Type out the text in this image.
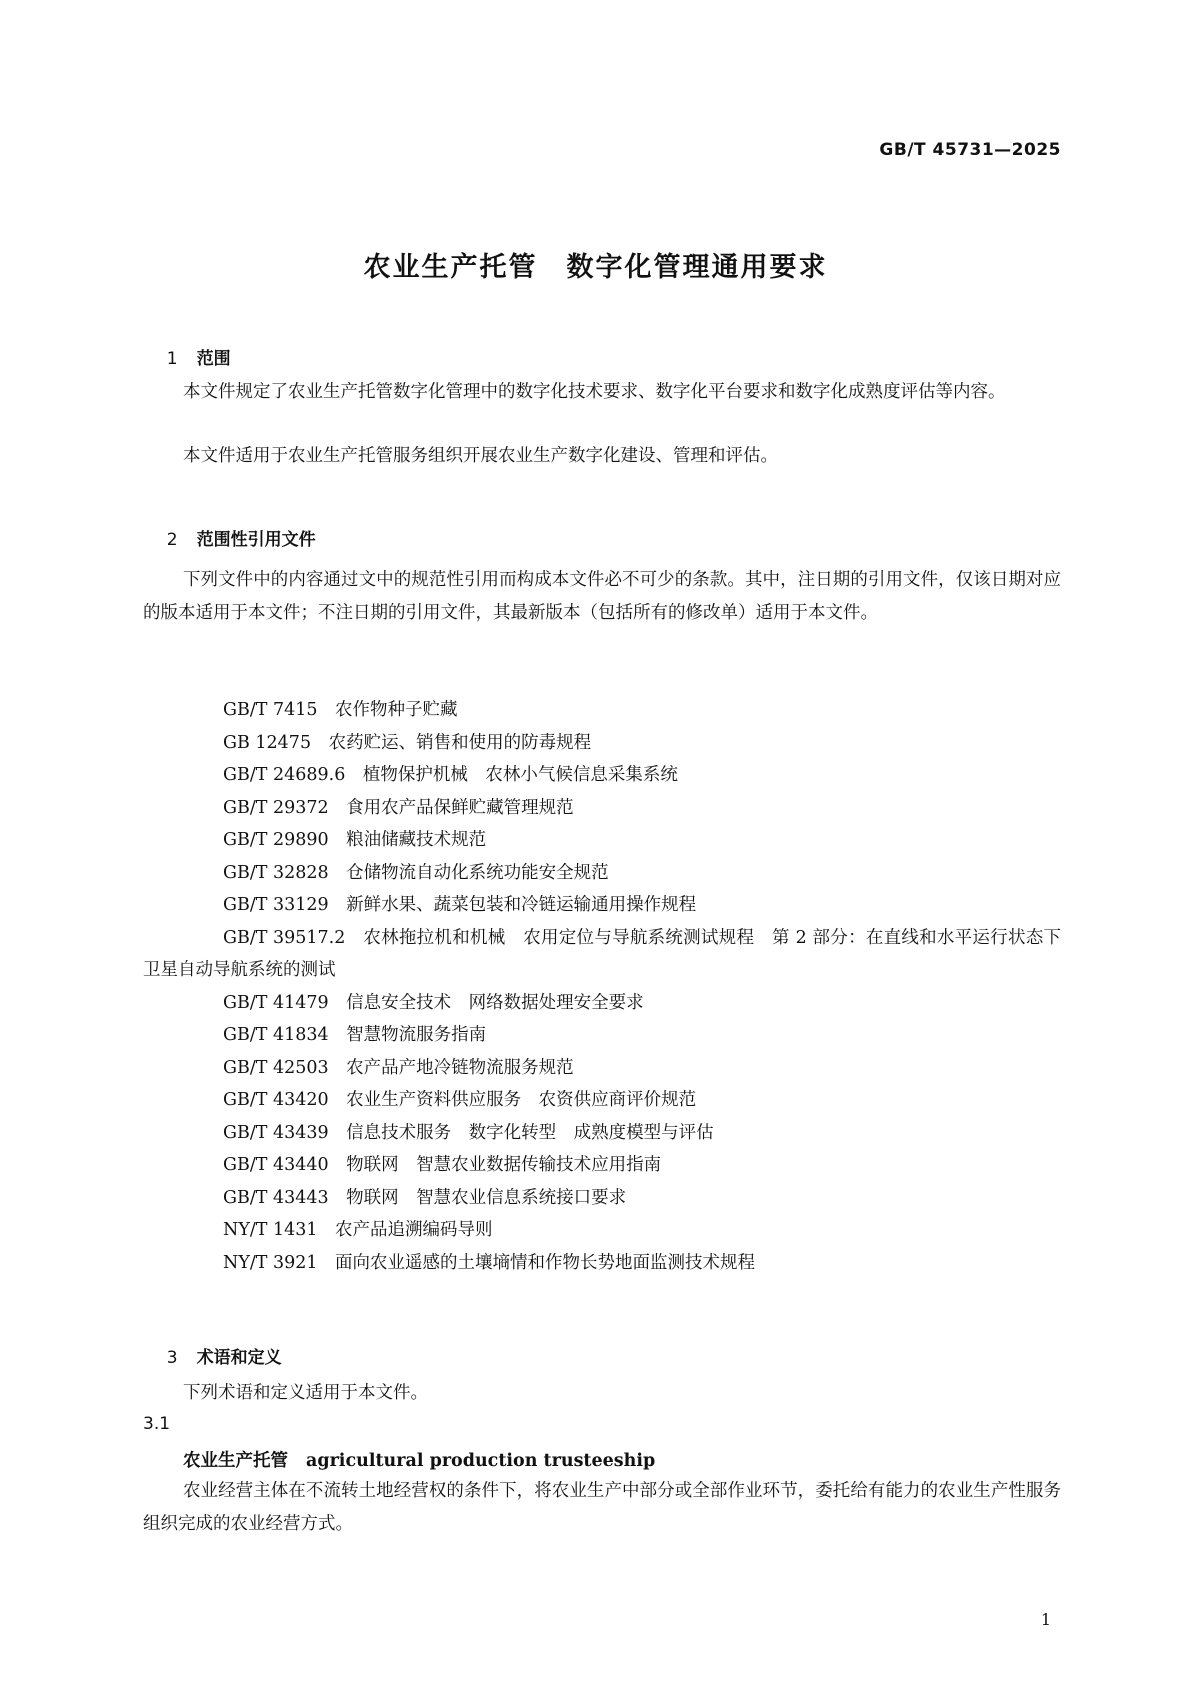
GB/T 45731—2025
农业生产托管　数字化管理通用要求

1 范围

本文件规定了农业生产托管数字化管理中的数字化技术要求、数字化平台要求和数字化成熟度评估等内容。

本文件适用于农业生产托管服务组织开展农业生产数字化建设、管理和评估。

2 范围性引用文件

下列文件中的内容通过文中的规范性引用而构成本文件必不可少的条款。其中，注日期的引用文件，仅该日期对应的版本适用于本文件；不注日期的引用文件，其最新版本（包括所有的修改单）适用于本文件。

GB/T 7415　 农作物种子贮藏
GB 12475　 农药贮运、销售和使用的防毒规程
GB/T 24689.6　 植物保护机械　农林小气候信息采集系统
GB/T 29372　 食用农产品保鲜贮藏管理规范
GB/T 29890　 粮油储藏技术规范
GB/T 32828　 仓储物流自动化系统功能安全规范
GB/T 33129　 新鲜水果、蔬菜包装和冷链运输通用操作规程
GB/T 39517.2　 农林拖拉机和机械　农用定位与导航系统测试规程　第 2 部分：在直线和水平运行状态下卫星自动导航系统的测试
GB/T 41479　 信息安全技术　网络数据处理安全要求
GB/T 41834　 智慧物流服务指南
GB/T 42503　 农产品产地冷链物流服务规范
GB/T 43420　 农业生产资料供应服务　农资供应商评价规范
GB/T 43439　 信息技术服务　数字化转型　成熟度模型与评估
GB/T 43440　 物联网　智慧农业数据传输技术应用指南
GB/T 43443　 物联网　智慧农业信息系统接口要求
NY/T 1431　 农产品追溯编码导则
NY/T 3921　 面向农业遥感的土壤墒情和作物长势地面监测技术规程

3 术语和定义

下列术语和定义适用于本文件。

3.1
农业生产托管 agricultural production trusteeship

农业经营主体在不流转土地经营权的条件下，将农业生产中部分或全部作业环节，委托给有能力的农业生产性服务组织完成的农业经营方式。

1
